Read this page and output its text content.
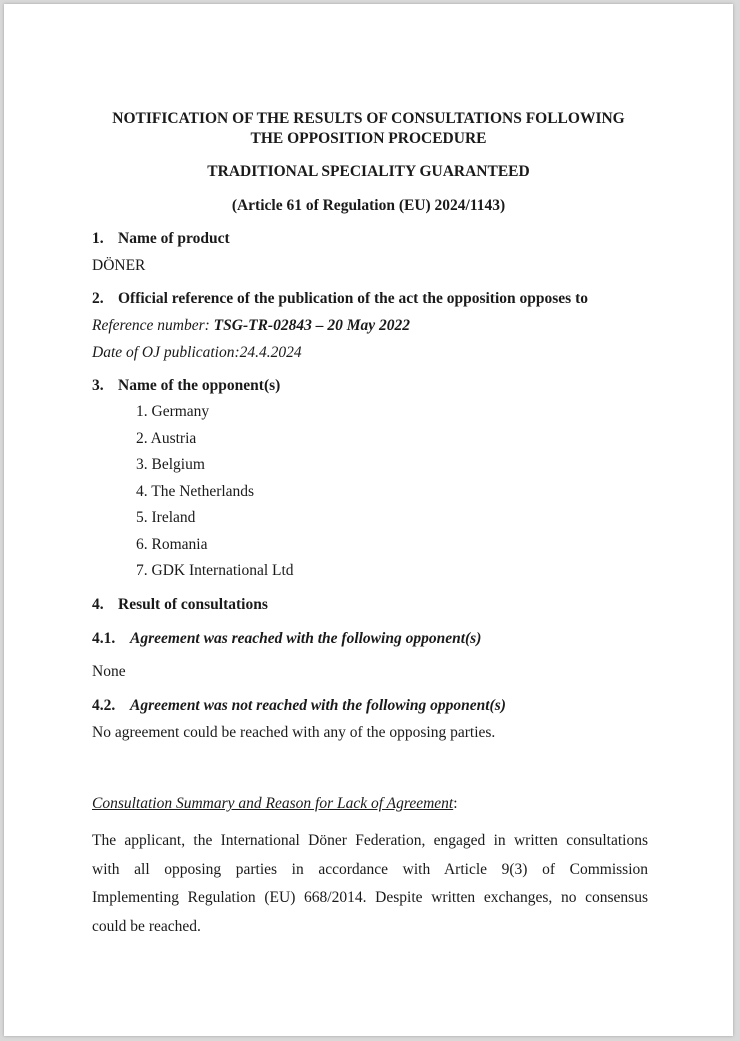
NOTIFICATION OF THE RESULTS OF CONSULTATIONS FOLLOWING
THE OPPOSITION PROCEDURE
TRADITIONAL SPECIALITY GUARANTEED
(Article 61 of Regulation (EU) 2024/1143)
1. Name of product
DÖNER
2. Official reference of the publication of the act the opposition opposes to
Reference number: TSG-TR-02843 – 20 May 2022
Date of OJ publication:24.4.2024
3. Name of the opponent(s)
1. Germany
2. Austria
3. Belgium
4. The Netherlands
5. Ireland
6. Romania
7. GDK International Ltd
4. Result of consultations
4.1. Agreement was reached with the following opponent(s)
None
4.2. Agreement was not reached with the following opponent(s)
No agreement could be reached with any of the opposing parties.
Consultation Summary and Reason for Lack of Agreement:
The applicant, the International Döner Federation, engaged in written consultations
with all opposing parties in accordance with Article 9(3) of Commission
Implementing Regulation (EU) 668/2014. Despite written exchanges, no consensus
could be reached.
